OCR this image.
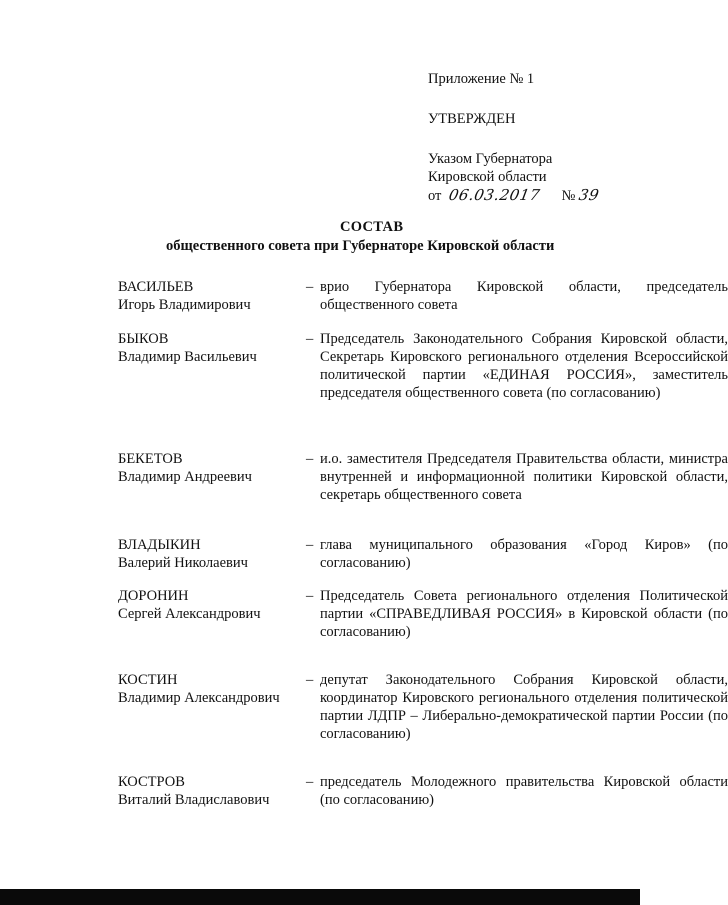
Приложение № 1
УТВЕРЖДЕН
Указом Губернатора
Кировской области
от 06.03.2017 № 39
СОСТАВ
общественного совета при Губернаторе Кировской области
ВАСИЛЬЕВ
Игорь Владимирович
– врио Губернатора Кировской области, председатель общественного совета
БЫКОВ
Владимир Васильевич
– Председатель Законодательного Собрания Кировской области, Секретарь Кировского регионального отделения Всероссийской политической партии «ЕДИНАЯ РОССИЯ», заместитель председателя общественного совета (по согласованию)
БЕКЕТОВ
Владимир Андреевич
– и.о. заместителя Председателя Правительства области, министра внутренней и информационной политики Кировской области, секретарь общественного совета
ВЛАДЫКИН
Валерий Николаевич
– глава муниципального образования «Город Киров» (по согласованию)
ДОРОНИН
Сергей Александрович
– Председатель Совета регионального отделения Политической партии «СПРАВЕДЛИВАЯ РОССИЯ» в Кировской области (по согласованию)
КОСТИН
Владимир Александрович
– депутат Законодательного Собрания Кировской области, координатор Кировского регионального отделения политической партии ЛДПР – Либерально-демократической партии России (по согласованию)
КОСТРОВ
Виталий Владиславович
– председатель Молодежного правительства Кировской области (по согласованию)
